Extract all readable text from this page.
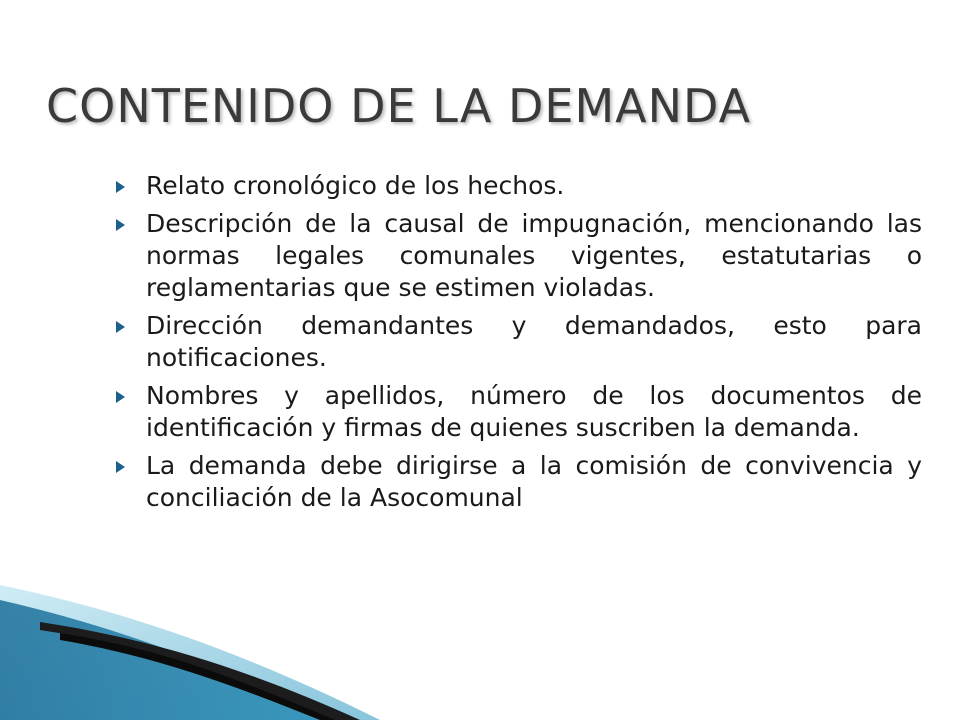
CONTENIDO DE LA DEMANDA
Relato cronológico de los hechos.
Descripción de la causal de impugnación, mencionando las normas legales comunales vigentes, estatutarias o reglamentarias que se estimen violadas.
Dirección demandantes y demandados, esto para notificaciones.
Nombres y apellidos, número de los documentos de identificación y firmas de quienes suscriben la demanda.
La demanda debe dirigirse a la comisión de convivencia y conciliación de la Asocomunal
